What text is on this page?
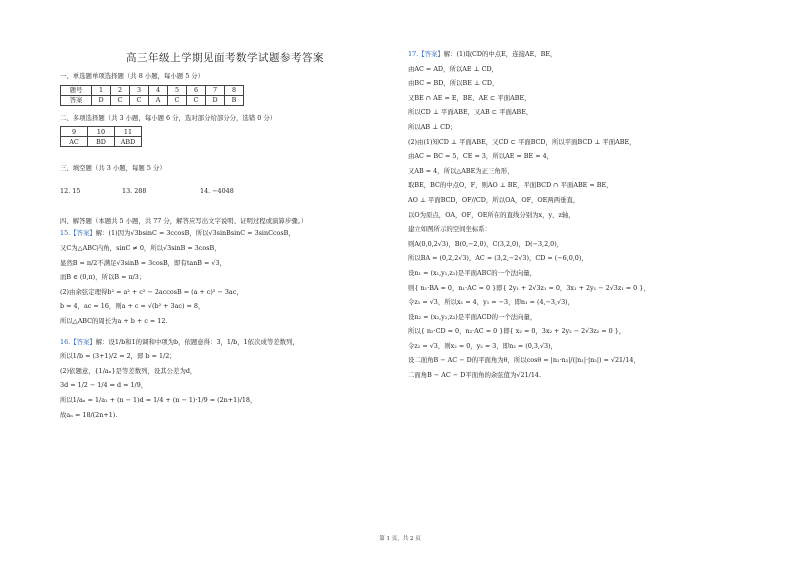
高三年级上学期见面考数学试题参考答案
一、单选题单项选择题（共 8 小题，每小题 5 分）
题号	1	2	3	4	5	6	7	8
答案	D	C	C	A	C	C	D	B
二、多项选择题（共 3 小题，每小题 6 分，选对部分给部分分，选错 0 分）
9	10	11
AC	BD	ABD
三、填空题（共 3 小题，每题 5 分）
12. 15	13. 288	14. −4048
四、解答题（本题共 5 小题，共 77 分，解答应写出文字说明、证明过程或演算步骤。）
15.【答案】解：(1)因为√3bsinC = 3ccosB，所以√3sinBsinC = 3sinCcosB，
又C为△ABC内角，sinC ≠ 0，所以√3sinB = 3cosB，
显然B = π/2不满足√3sinB = 3cosB，即有tanB = √3，
而B ∈ (0,π)，所以B = π/3；
(2)由余弦定理得b² = a² + c² − 2accosB = (a + c)² − 3ac，
b = 4，ac = 16，则a + c = √(b² + 3ac) = 8，
所以△ABC的周长为a + b + c = 12.
16.【答案】解：设1/b和1的调和中项为b，依题意得：3，1/b，1依次成等差数列，
所以1/b = (3+1)/2 = 2，即 b = 1/2；
(2)依题意，{1/aₙ}是等差数列，设其公差为d，
3d = 1/2 − 1/4 ⇒ d = 1/9，
所以1/aₙ = 1/a₁ + (n − 1)d = 1/4 + (n − 1)·1/9 = (2n+1)/18，
故aₙ = 18/(2n+1).
17.【答案】解：(1)取CD的中点E，连接AE、BE，
由AC = AD，所以AE ⊥ CD，
由BC = BD，所以BE ⊥ CD，
又BE ∩ AE = E，BE、AE ⊂ 平面ABE，
所以CD ⊥ 平面ABE，又AB ⊂ 平面ABE，
所以AB ⊥ CD；
(2)由(1)知CD ⊥ 平面ABE，又CD ⊂ 平面BCD，所以平面BCD ⊥ 平面ABE，
由AC = BC = 5，CE = 3，所以AE = BE = 4，
又AB = 4，所以△ABE为正三角形，
取BE，BC的中点O，F，则AO ⊥ BE，平面BCD ∩ 平面ABE = BE，
AO ⊥ 平面BCD，OF//CD，所以OA，OF，OE两两垂直，
以O为原点，OA，OF，OE所在的直线分别为x，y，z轴，
建立如图所示的空间坐标系：
则A(0,0,2√3)，B(0,−2,0)，C(3,2,0)，D(−3,2,0)，
所以BA = (0,2,2√3)，AC = (3,2,−2√3)，CD = (−6,0,0)，
设n₁ = (x₁,y₁,z₁)是平面ABC的一个法向量，
则{ n₁·BA = 0，n₁·AC = 0 }即{ 2y₁ + 2√3z₁ = 0，3x₁ + 2y₁ − 2√3z₁ = 0 }，
令z₁ = √3，所以x₁ = 4，y₁ = −3，即n₁ = (4,−3,√3)，
设n₂ = (x₂,y₂,z₂)是平面ACD的一个法向量，
所以{ n₂·CD = 0，n₂·AC = 0 }即{ x₂ = 0，3x₂ + 2y₂ − 2√3z₂ = 0 }，
令z₂ = √3，则x₂ = 0，y₂ = 3，即n₂ = (0,3,√3)，
设二面角B − AC − D的平面角为θ，所以cosθ = |n₁·n₂|/(|n₁|·|n₂|) = √21/14，
二面角B − AC − D平面角的余弦值为√21/14.
第 1 页，共 2 页
